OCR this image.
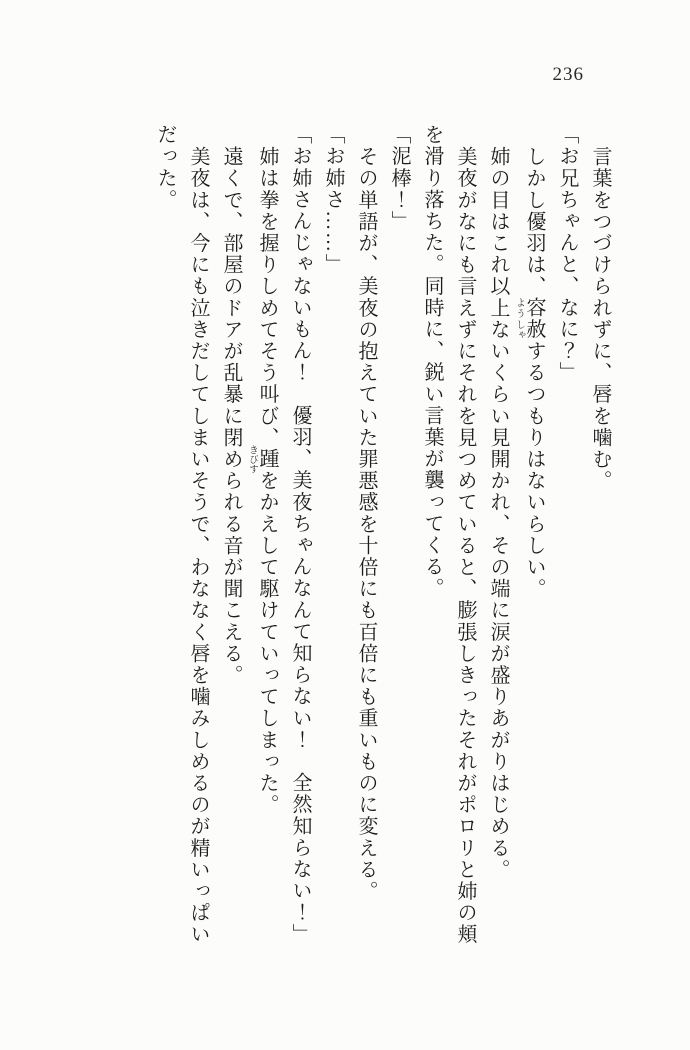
236
言葉をつづけられずに、唇を噛む。
「お兄ちゃんと、なに？」
しかし優羽は、容赦ようしゃするつもりはないらしい。
姉の目はこれ以上ないくらい見開かれ、その端に涙が盛りあがりはじめる。
美夜がなにも言えずにそれを見つめていると、膨張しきったそれがポロリと姉の頬
を滑り落ちた。同時に、鋭い言葉が襲ってくる。
「泥棒！」
その単語が、美夜の抱えていた罪悪感を十倍にも百倍にも重いものに変える。
「お姉さ……」
「お姉さんじゃないもん！　優羽、美夜ちゃんなんて知らない！　全然知らない！」
姉は拳を握りしめてそう叫び、踵きびすをかえして駆けていってしまった。
遠くで、部屋のドアが乱暴に閉められる音が聞こえる。
美夜は、今にも泣きだしてしまいそうで、わななく唇を噛みしめるのが精いっぱい
だった。
